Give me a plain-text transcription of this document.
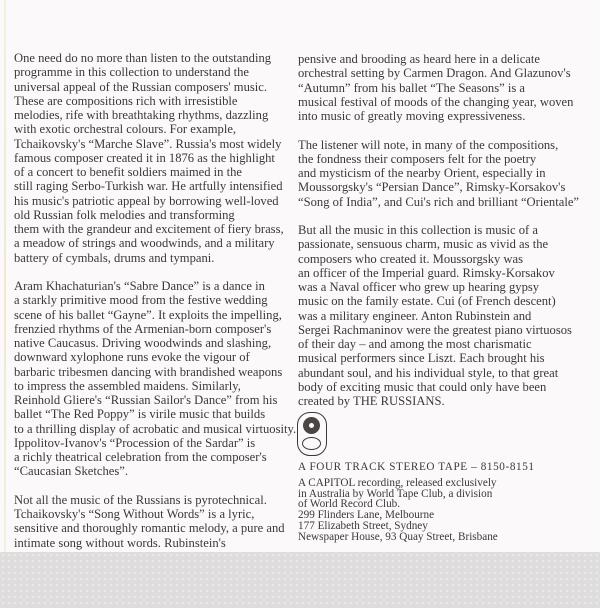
One need do no more than listen to the outstanding
programme in this collection to understand the
universal appeal of the Russian composers' music.
These are compositions rich with irresistible
melodies, rife with breathtaking rhythms, dazzling
with exotic orchestral colours. For example,
Tchaikovsky's “Marche Slave”. Russia's most widely
famous composer created it in 1876 as the highlight
of a concert to benefit soldiers maimed in the
still raging Serbo-Turkish war. He artfully intensified
his music's patriotic appeal by borrowing well-loved
old Russian folk melodies and transforming
them with the grandeur and excitement of fiery brass,
a meadow of strings and woodwinds, and a military
battery of cymbals, drums and tympani.
Aram Khachaturian's “Sabre Dance” is a dance in
a starkly primitive mood from the festive wedding
scene of his ballet “Gayne”. It exploits the impelling,
frenzied rhythms of the Armenian-born composer's
native Caucasus. Driving woodwinds and slashing,
downward xylophone runs evoke the vigour of
barbaric tribesmen dancing with brandished weapons
to impress the assembled maidens. Similarly,
Reinhold Gliere's “Russian Sailor's Dance” from his
ballet “The Red Poppy” is virile music that builds
to a thrilling display of acrobatic and musical virtuosity.
Ippolitov-Ivanov's “Procession of the Sardar” is
a richly theatrical celebration from the composer's
“Caucasian Sketches”.
Not all the music of the Russians is pyrotechnical.
Tchaikovsky's “Song Without Words” is a lyric,
sensitive and thoroughly romantic melody, a pure and
intimate song without words. Rubinstein's
pensive and brooding as heard here in a delicate
orchestral setting by Carmen Dragon. And Glazunov's
“Autumn” from his ballet “The Seasons” is a
musical festival of moods of the changing year, woven
into music of greatly moving expressiveness.
The listener will note, in many of the compositions,
the fondness their composers felt for the poetry
and mysticism of the nearby Orient, especially in
Moussorgsky's “Persian Dance”, Rimsky-Korsakov's
“Song of India”, and Cui's rich and brilliant “Orientale”
But all the music in this collection is music of a
passionate, sensuous charm, music as vivid as the
composers who created it. Moussorgsky was
an officer of the Imperial guard. Rimsky-Korsakov
was a Naval officer who grew up hearing gypsy
music on the family estate. Cui (of French descent)
was a military engineer. Anton Rubinstein and
Sergei Rachmaninov were the greatest piano virtuosos
of their day – and among the most charismatic
musical performers since Liszt. Each brought his
abundant soul, and his individual style, to that great
body of exciting music that could only have been
created by THE RUSSIANS.
A FOUR TRACK STEREO TAPE – 8150-8151
A CAPITOL recording, released exclusively
in Australia by World Tape Club, a division
of World Record Club.
299 Flinders Lane, Melbourne
177 Elizabeth Street, Sydney
Newspaper House, 93 Quay Street, Brisbane
